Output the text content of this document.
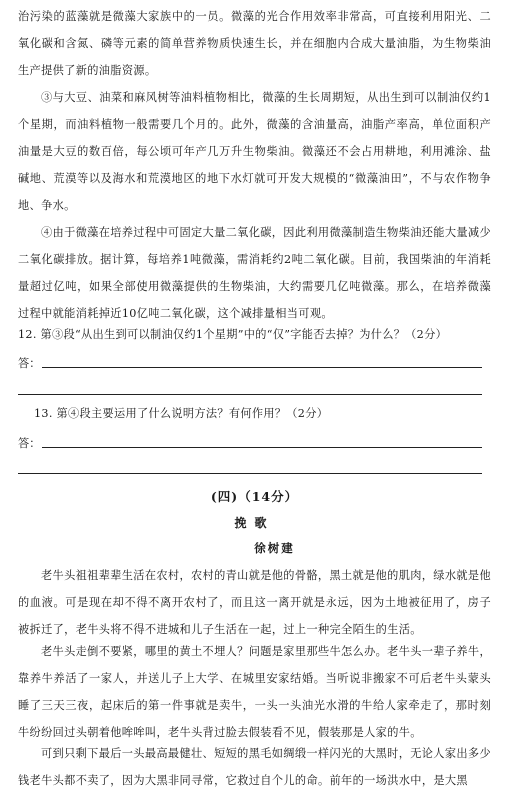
治污染的蓝藻就是微藻大家族中的一员。微藻的光合作用效率非常高，可直接利用阳光、二氧化碳和含氮、磷等元素的简单营养物质快速生长，并在细胞内合成大量油脂，为生物柴油生产提供了新的油脂资源。
③与大豆、油菜和麻风树等油料植物相比，微藻的生长周期短，从出生到可以制油仅约1个星期，而油料植物一般需要几个月的。此外，微藻的含油量高，油脂产率高，单位面积产油量是大豆的数百倍，每公顷可年产几万升生物柴油。微藻还不会占用耕地，利用滩涂、盐碱地、荒漠等以及海水和荒漠地区的地下水灯就可开发大规模的“微藻油田”，不与农作物争地、争水。
④由于微藻在培养过程中可固定大量二氧化碳，因此利用微藻制造生物柴油还能大量减少二氧化碳排放。据计算，每培养1吨微藻，需消耗约2吨二氧化碳。目前，我国柴油的年消耗量超过亿吨，如果全部使用微藻提供的生物柴油，大约需要几亿吨微藻。那么，在培养微藻过程中就能消耗掉近10亿吨二氧化碳，这个减排量相当可观。
12. 第③段“从出生到可以制油仅约1个星期”中的“仅”字能否去掉？为什么？（2分）
答：
13. 第④段主要运用了什么说明方法？有何作用？（2分）
答：
(四)（14分）
挽歌
徐树建
老牛头祖祖辈辈生活在农村，农村的青山就是他的骨骼，黑土就是他的肌肉，绿水就是他的血液。可是现在却不得不离开农村了，而且这一离开就是永远，因为土地被征用了，房子被拆迁了，老牛头将不得不进城和儿子生活在一起，过上一种完全陌生的生活。
老牛头走倒不要紧，哪里的黄土不埋人？问题是家里那些牛怎么办。老牛头一辈子养牛，靠养牛养活了一家人，并送儿子上大学、在城里安家结婚。当听说非搬家不可后老牛头蒙头睡了三天三夜，起床后的第一件事就是卖牛，一头一头油光水滑的牛给人家牵走了，那时刻牛纷纷回过头朝着他哞哞叫，老牛头背过脸去假装看不见，假装那是人家的牛。
可到只剩下最后一头最高最健壮、短短的黑毛如绸缎一样闪光的大黑时，无论人家出多少钱老牛头都不卖了，因为大黑非同寻常，它救过自个儿的命。前年的一场洪水中，是大黑
